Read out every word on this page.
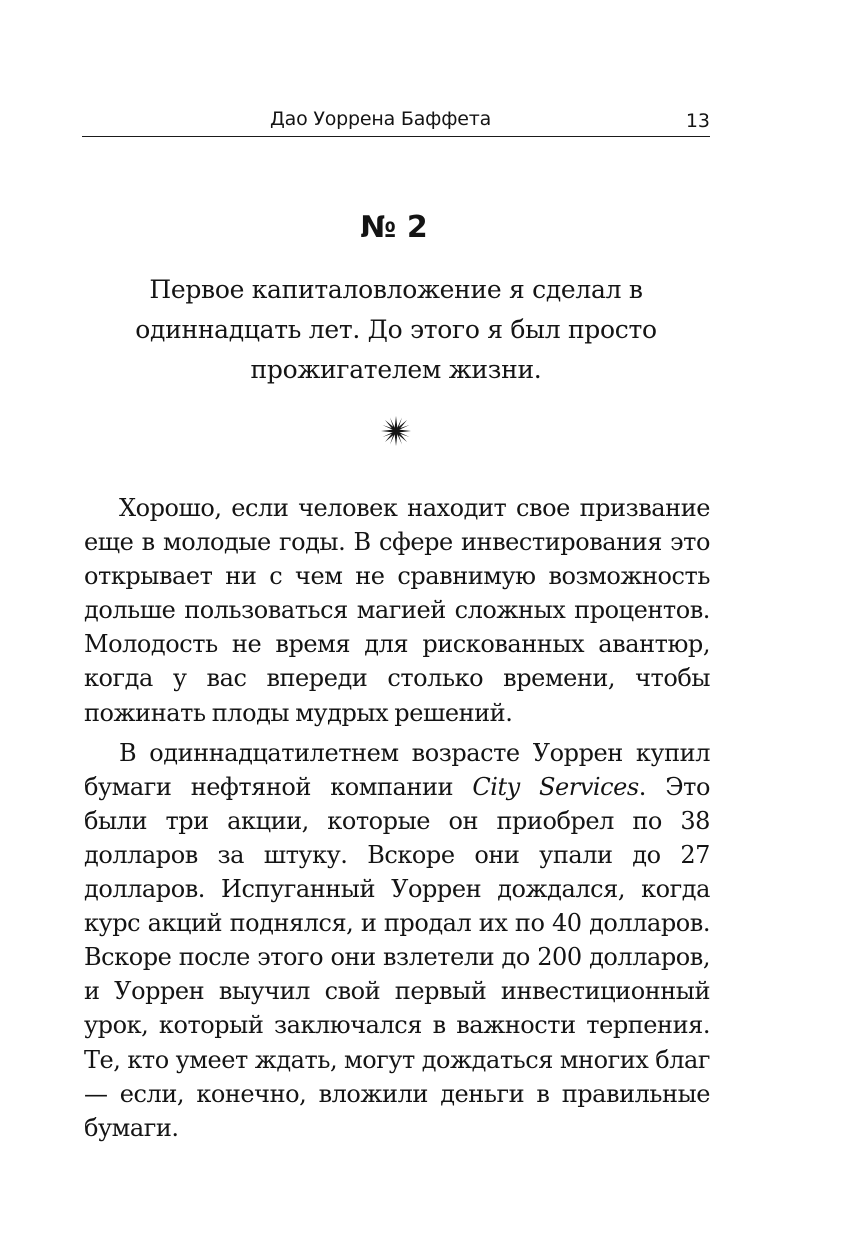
Дао Уоррена Баффета	13
№ 2
Первое капиталовложение я сделал в одиннадцать лет. До этого я был просто прожигателем жизни.

Хорошо, если человек находит свое призвание еще в молодые годы. В сфере инвестирования это открывает ни с чем не сравнимую возможность дольше пользоваться магией сложных процентов. Молодость не время для рискованных авантюр, когда у вас впереди столько времени, чтобы пожинать плоды мудрых решений.

В одиннадцатилетнем возрасте Уоррен купил бумаги нефтяной компании City Services. Это были три акции, которые он приобрел по 38 долларов за штуку. Вскоре они упали до 27 долларов. Испуганный Уоррен дождался, когда курс акций поднялся, и продал их по 40 долларов. Вскоре после этого они взлетели до 200 долларов, и Уоррен выучил свой первый инвестиционный урок, который заключался в важности терпения. Те, кто умеет ждать, могут дождаться многих благ — если, конечно, вложили деньги в правильные бумаги.
